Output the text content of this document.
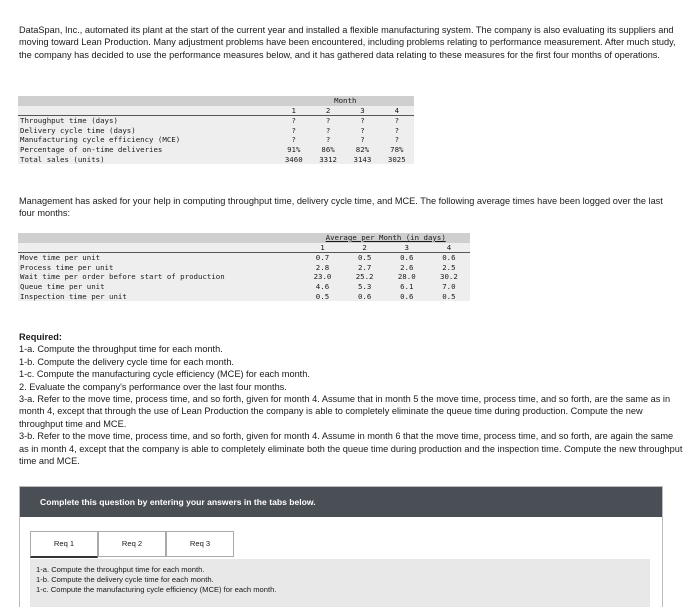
DataSpan, Inc., automated its plant at the start of the current year and installed a flexible manufacturing system. The company is also evaluating its suppliers and moving toward Lean Production. Many adjustment problems have been encountered, including problems relating to performance measurement. After much study, the company has decided to use the performance measures below, and it has gathered data relating to these measures for the first four months of operations.
	Month			
	1	2	3	4
Throughput time (days)	?	?	?	?
Delivery cycle time (days)	?	?	?	?
Manufacturing cycle efficiency (MCE)	?	?	?	?
Percentage of on-time deliveries	91%	86%	82%	78%
Total sales (units)	3460	3312	3143	3025
Management has asked for your help in computing throughput time, delivery cycle time, and MCE. The following average times have been logged over the last four months:
	Average per Month (in days)			
	1	2	3	4
Move time per unit	0.7	0.5	0.6	0.6
Process time per unit	2.8	2.7	2.6	2.5
Wait time per order before start of production	23.0	25.2	28.0	30.2
Queue time per unit	4.6	5.3	6.1	7.0
Inspection time per unit	0.5	0.6	0.6	0.5

Required:

1-a. Compute the throughput time for each month.

1-b. Compute the delivery cycle time for each month.

1-c. Compute the manufacturing cycle efficiency (MCE) for each month.

2. Evaluate the company's performance over the last four months.

3-a. Refer to the move time, process time, and so forth, given for month 4. Assume that in month 5 the move time, process time, and so forth, are the same as in month 4, except that through the use of Lean Production the company is able to completely eliminate the queue time during production. Compute the new throughput time and MCE.

3-b. Refer to the move time, process time, and so forth, given for month 4. Assume in month 6 that the move time, process time, and so forth, are again the same as in month 4, except that the company is able to completely eliminate both the queue time during production and the inspection time. Compute the new throughput time and MCE.

Complete this question by entering your answers in the tabs below.
Req 1	Req 2	Req 3
1-a. Compute the throughput time for each month.
1-b. Compute the delivery cycle time for each month.
1-c. Compute the manufacturing cycle efficiency (MCE) for each month.
